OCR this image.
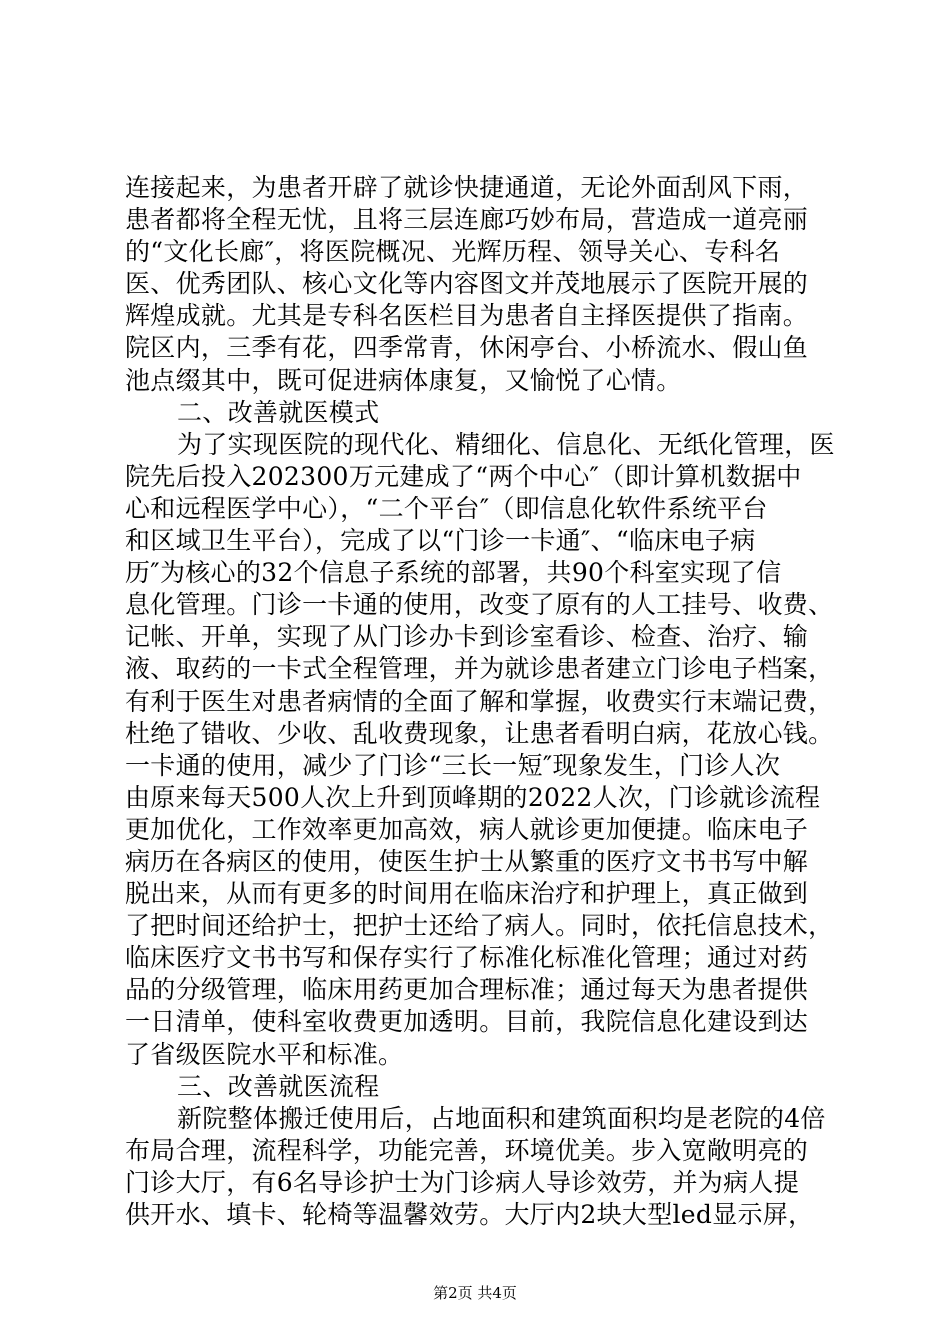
连接起来，为患者开辟了就诊快捷通道，无论外面刮风下雨，
患者都将全程无忧，且将三层连廊巧妙布局，营造成一道亮丽
的“文化长廊″，将医院概况、光辉历程、领导关心、专科名
医、优秀团队、核心文化等内容图文并茂地展示了医院开展的
辉煌成就。尤其是专科名医栏目为患者自主择医提供了指南。
院区内，三季有花，四季常青，休闲亭台、小桥流水、假山鱼
池点缀其中，既可促进病体康复，又愉悦了心情。
二、改善就医模式
为了实现医院的现代化、精细化、信息化、无纸化管理，医
院先后投入202300万元建成了“两个中心″（即计算机数据中
心和远程医学中心），“二个平台″（即信息化软件系统平台
和区域卫生平台），完成了以“门诊一卡通″、“临床电子病
历″为核心的32个信息子系统的部署，共90个科室实现了信
息化管理。门诊一卡通的使用，改变了原有的人工挂号、收费、
记帐、开单，实现了从门诊办卡到诊室看诊、检查、治疗、输
液、取药的一卡式全程管理，并为就诊患者建立门诊电子档案，
有利于医生对患者病情的全面了解和掌握，收费实行末端记费，
杜绝了错收、少收、乱收费现象，让患者看明白病，花放心钱。
一卡通的使用，减少了门诊“三长一短″现象发生，门诊人次
由原来每天500人次上升到顶峰期的2022人次，门诊就诊流程
更加优化，工作效率更加高效，病人就诊更加便捷。临床电子
病历在各病区的使用，使医生护士从繁重的医疗文书书写中解
脱出来，从而有更多的时间用在临床治疗和护理上，真正做到
了把时间还给护士，把护士还给了病人。同时，依托信息技术，
临床医疗文书书写和保存实行了标准化标准化管理；通过对药
品的分级管理，临床用药更加合理标准；通过每天为患者提供
一日清单，使科室收费更加透明。目前，我院信息化建设到达
了省级医院水平和标准。
三、改善就医流程
新院整体搬迁使用后，占地面积和建筑面积均是老院的4倍
布局合理，流程科学，功能完善，环境优美。步入宽敞明亮的
门诊大厅，有6名导诊护士为门诊病人导诊效劳，并为病人提
供开水、填卡、轮椅等温馨效劳。大厅内2块大型led显示屏，
第2页 共4页
